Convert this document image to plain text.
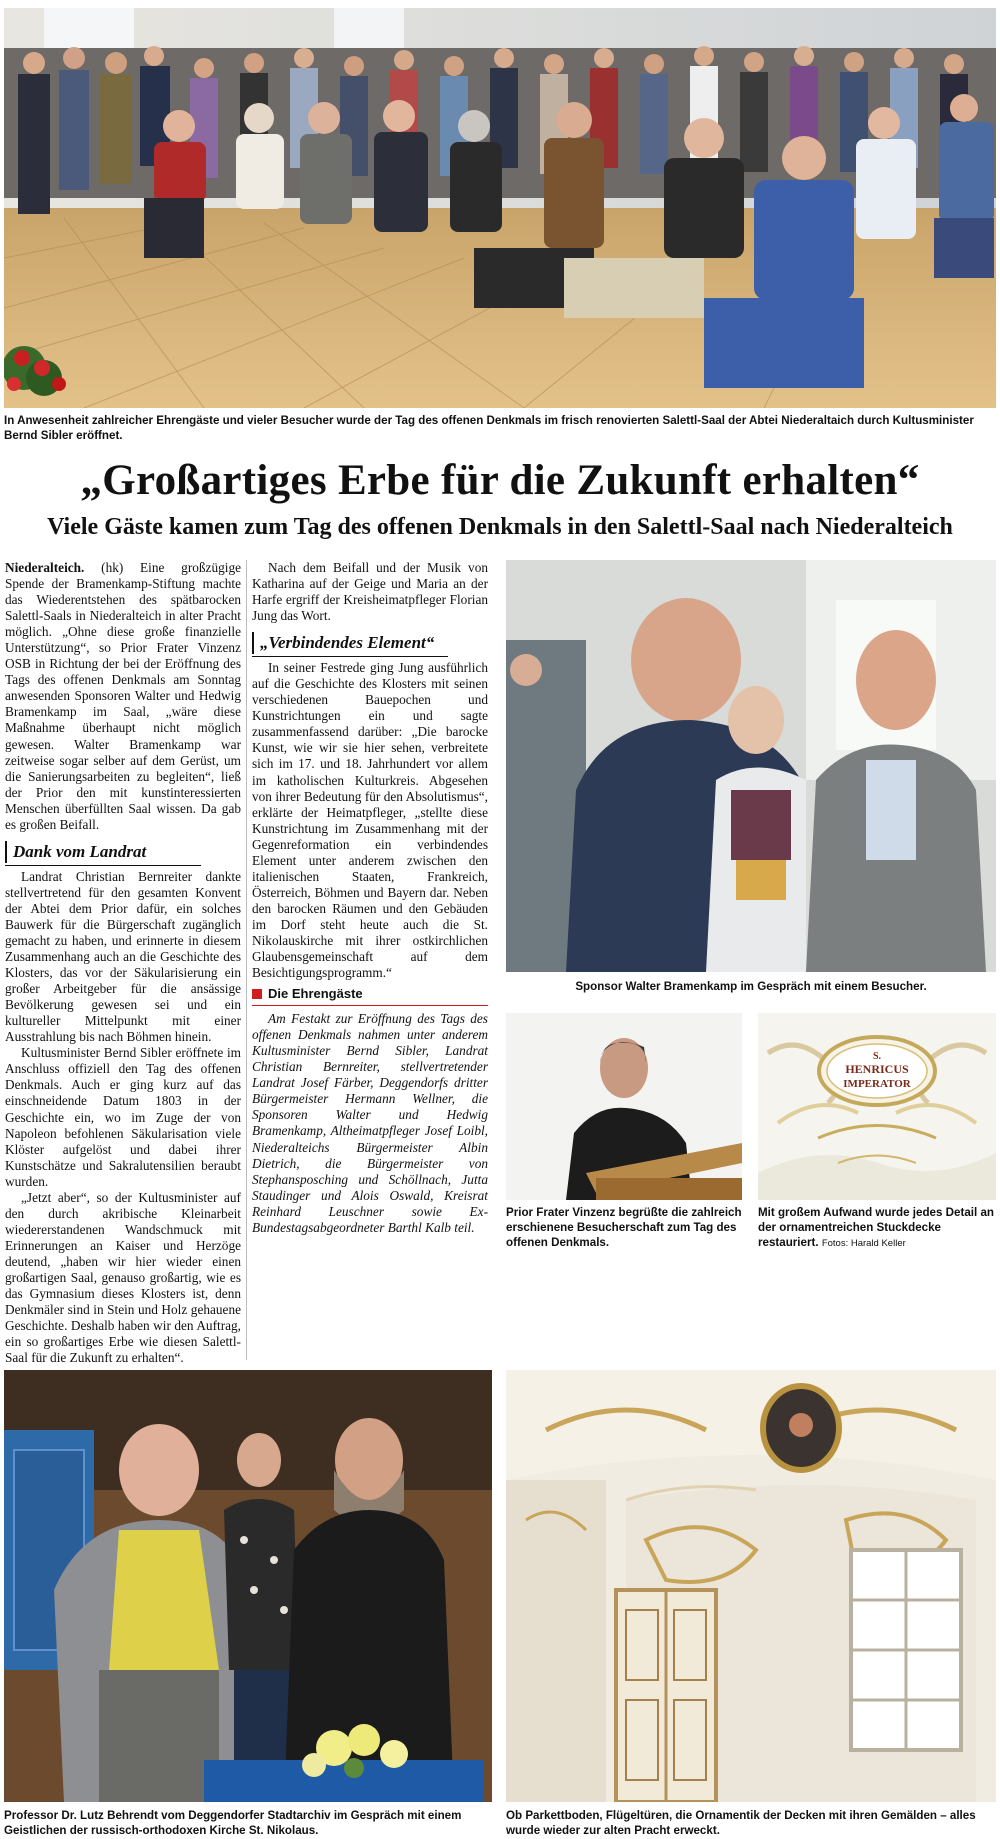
In Anwesenheit zahlreicher Ehrengäste und vieler Besucher wurde der Tag des offenen Denkmals im frisch renovierten Salettl-Saal der Abtei Niederaltaich durch Kultusminister Bernd Sibler eröffnet.
„Großartiges Erbe für die Zukunft erhalten“
Viele Gäste kamen zum Tag des offenen Denkmals in den Salettl-Saal nach Niederalteich

Niederalteich. (hk) Eine großzügige Spende der Bramenkamp-Stiftung machte das Wiederentstehen des spätbarocken Salettl-Saals in Niederalteich in alter Pracht möglich. „Ohne diese große finanzielle Unterstützung“, so Prior Frater Vinzenz OSB in Richtung der bei der Eröffnung des Tags des offenen Denkmals am Sonntag anwesenden Sponsoren Walter und Hedwig Bramenkamp im Saal, „wäre diese Maßnahme überhaupt nicht möglich gewesen. Walter Bramenkamp war zeitweise sogar selber auf dem Gerüst, um die Sanierungsarbeiten zu begleiten“, ließ der Prior den mit kunstinteressierten Menschen überfüllten Saal wissen. Da gab es großen Beifall.

Dank vom Landrat

Landrat Christian Bernreiter dankte stellvertretend für den gesamten Konvent der Abtei dem Prior dafür, ein solches Bauwerk für die Bürgerschaft zugänglich gemacht zu haben, und erinnerte in diesem Zusammenhang auch an die Geschichte des Klosters, das vor der Säkularisierung ein großer Arbeitgeber für die ansässige Bevölkerung gewesen sei und ein kultureller Mittelpunkt mit einer Ausstrahlung bis nach Böhmen hinein.

Kultusminister Bernd Sibler eröffnete im Anschluss offiziell den Tag des offenen Denkmals. Auch er ging kurz auf das einschneidende Datum 1803 in der Geschichte ein, wo im Zuge der von Napoleon befohlenen Säkularisation viele Klöster aufgelöst und dabei ihrer Kunstschätze und Sakralutensilien beraubt wurden.

„Jetzt aber“, so der Kultusminister auf den durch akribische Kleinarbeit wiedererstandenen Wandschmuck mit Erinnerungen an Kaiser und Herzöge deutend, „haben wir hier wieder einen großartigen Saal, genauso großartig, wie es das Gymnasium dieses Klosters ist, denn Denkmäler sind in Stein und Holz gehauene Geschichte. Deshalb haben wir den Auftrag, ein so großartiges Erbe wie diesen Salettl-Saal für die Zukunft zu erhalten“.

Nach dem Beifall und der Musik von Katharina auf der Geige und Maria an der Harfe ergriff der Kreisheimatpfleger Florian Jung das Wort.

„Verbindendes Element“

In seiner Festrede ging Jung ausführlich auf die Geschichte des Klosters mit seinen verschiedenen Bauepochen und Kunstrichtungen ein und sagte zusammenfassend darüber: „Die barocke Kunst, wie wir sie hier sehen, verbreitete sich im 17. und 18. Jahrhundert vor allem im katholischen Kulturkreis. Abgesehen von ihrer Bedeutung für den Absolutismus“, erklärte der Heimatpfleger, „stellte diese Kunstrichtung im Zusammenhang mit der Gegenreformation ein verbindendes Element unter anderem zwischen den italienischen Staaten, Frankreich, Österreich, Böhmen und Bayern dar. Neben den barocken Räumen und den Gebäuden im Dorf steht heute auch die St. Nikolauskirche mit ihrer ostkirchlichen Glaubensgemeinschaft auf dem Besichtigungsprogramm.“

Die Ehrengäste

Am Festakt zur Eröffnung des Tags des offenen Denkmals nahmen unter anderem Kultusminister Bernd Sibler, Landrat Christian Bernreiter, stellvertretender Landrat Josef Färber, Deggendorfs dritter Bürgermeister Hermann Wellner, die Sponsoren Walter und Hedwig Bramenkamp, Altheimatpfleger Josef Loibl, Niederalteichs Bürgermeister Albin Dietrich, die Bürgermeister von Stephansposching und Schöllnach, Jutta Staudinger und Alois Oswald, Kreisrat Reinhard Leuschner sowie Ex-Bundestagsabgeordneter Barthl Kalb teil.

Sponsor Walter Bramenkamp im Gespräch mit einem Besucher.
Prior Frater Vinzenz begrüßte die zahlreich erschienene Besucherschaft zum Tag des offenen Denkmals.
S.
HENRICUS
IMPERATOR
Mit großem Aufwand wurde jedes Detail an der ornamentreichen Stuckdecke restauriert. Fotos: Harald Keller
Professor Dr. Lutz Behrendt vom Deggendorfer Stadtarchiv im Gespräch mit einem Geistlichen der russisch-orthodoxen Kirche St. Nikolaus.
Ob Parkettboden, Flügeltüren, die Ornamentik der Decken mit ihren Gemälden – alles wurde wieder zur alten Pracht erweckt.
